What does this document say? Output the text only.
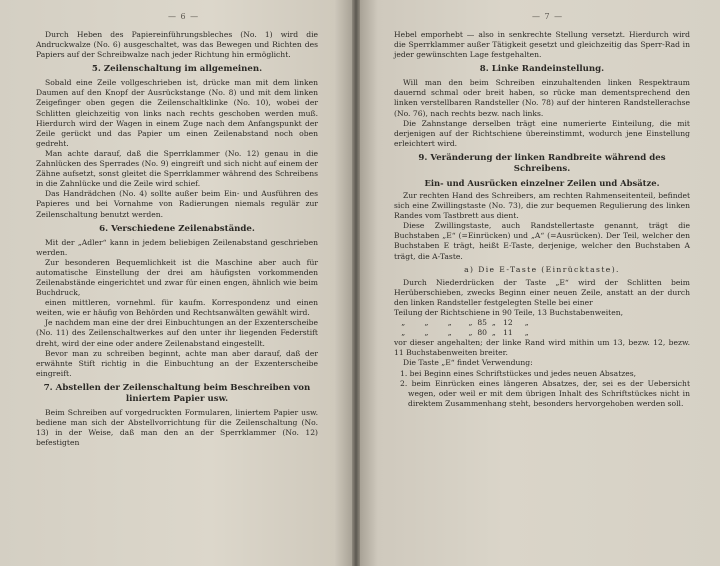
— 6 —

Durch Heben des Papiereinführungsbleches (No. 1) wird die Andruckwalze (No. 6) ausgeschaltet, was das Bewegen und Richten des Papiers auf der Schreibwalze nach jeder Richtung hin ermöglicht.

5. Zeilenschaltung im allgemeinen.

Sobald eine Zeile vollgeschrieben ist, drücke man mit dem linken Daumen auf den Knopf der Ausrückstange (No. 8) und mit dem linken Zeigefinger oben gegen die Zeilenschaltklinke (No. 10), wobei der Schlitten gleichzeitig von links nach rechts geschoben werden muß. Hierdurch wird der Wagen in einem Zuge nach dem Anfangspunkt der Zeile gerückt und das Papier um einen Zeilenabstand noch oben gedreht.

Man achte darauf, daß die Sperrklammer (No. 12) genau in die Zahnlücken des Sperrades (No. 9) eingreift und sich nicht auf einem der Zähne aufsetzt, sonst gleitet die Sperrklammer während des Schreibens in die Zahnlücke und die Zeile wird schief.

Das Handrädchen (No. 4) sollte außer beim Ein- und Ausführen des Papieres und bei Vornahme von Radierungen niemals regulär zur Zeilenschaltung benutzt werden.

6. Verschiedene Zeilenabstände.

Mit der „Adler“ kann in jedem beliebigen Zeilenabstand geschrieben werden.

Zur besonderen Bequemlichkeit ist die Maschine aber auch für automatische Einstellung der drei am häufigsten vorkommenden Zeilenabstände eingerichtet und zwar für einen engen, ähnlich wie beim Buchdruck,

einen mittleren, vornehml. für kaufm. Korrespondenz und einen weiten, wie er häufig von Behörden und Rechtsanwälten gewählt wird.

Je nachdem man eine der drei Einbuchtungen an der Exzenterscheibe (No. 11) des Zeilenschaltwerkes auf den unter ihr liegenden Federstift dreht, wird der eine oder andere Zeilenabstand eingestellt.

Bevor man zu schreiben beginnt, achte man aber darauf, daß der erwähnte Stift richtig in die Einbuchtung an der Exzenterscheibe eingreift.

7. Abstellen der Zeilenschaltung beim Beschreiben von liniertem Papier usw.

Beim Schreiben auf vorgedruckten Formularen, liniertem Papier usw. bediene man sich der Abstellvorrichtung für die Zeilenschaltung (No. 13) in der Weise, daß man den an der Sperrklammer (No. 12) befestigten

— 7 —

Hebel emporhebt — also in senkrechte Stellung versetzt. Hierdurch wird die Sperrklammer außer Tätigkeit gesetzt und gleichzeitig das Sperr-Rad in jeder gewünschten Lage festgehalten.

8. Linke Randeinstellung.

Will man den beim Schreiben einzuhaltenden linken Respektraum dauernd schmal oder breit haben, so rücke man dementsprechend den linken verstellbaren Randsteller (No. 78) auf der hinteren Randstellerachse (No. 76), nach rechts bezw. nach links.

Die Zahnstange derselben trägt eine numerierte Einteilung, die mit derjenigen auf der Richtschiene übereinstimmt, wodurch jene Einstellung erleichtert wird.

9. Veränderung der linken Randbreite während des Schreibens.
Ein- und Ausrücken einzelner Zeilen und Absätze.

Zur rechten Hand des Schreibers, am rechten Rahmenseitenteil, befindet sich eine Zwillingstaste (No. 73), die zur bequemen Regulierung des linken Randes vom Tastbrett aus dient.

Diese Zwillingstaste, auch Randstellertaste genannt, trägt die Buchstaben „E“ (=Einrücken) und „A“ (=Ausrücken). Der Teil, welcher den Buchstaben E trägt, heißt E-Taste, derjenige, welcher den Buchstaben A trägt, die A-Taste.

a) Die E-Taste (Einrücktaste).

Durch Niederdrücken der Taste „E“ wird der Schlitten beim Herüberschieben, zwecks Beginn einer neuen Zeile, anstatt an der durch den linken Randsteller festgelegten Stelle bei einer

Teilung der Richtschiene in 90 Teile, 13 Buchstabenweiten,

„        „        „       „  85  „   12     „

„        „        „       „  80  „   11     „

vor dieser angehalten; der linke Rand wird mithin um 13, bezw. 12, bezw. 11 Buchstabenweiten breiter.

Die Taste „E“ findet Verwendung:

1. bei Beginn eines Schriftstückes und jedes neuen Absatzes,

2. beim Einrücken eines längeren Absatzes, der, sei es der Uebersicht wegen, oder weil er mit dem übrigen Inhalt des Schriftstückes nicht in direktem Zusammenhang steht, besonders hervorgehoben werden soll.
